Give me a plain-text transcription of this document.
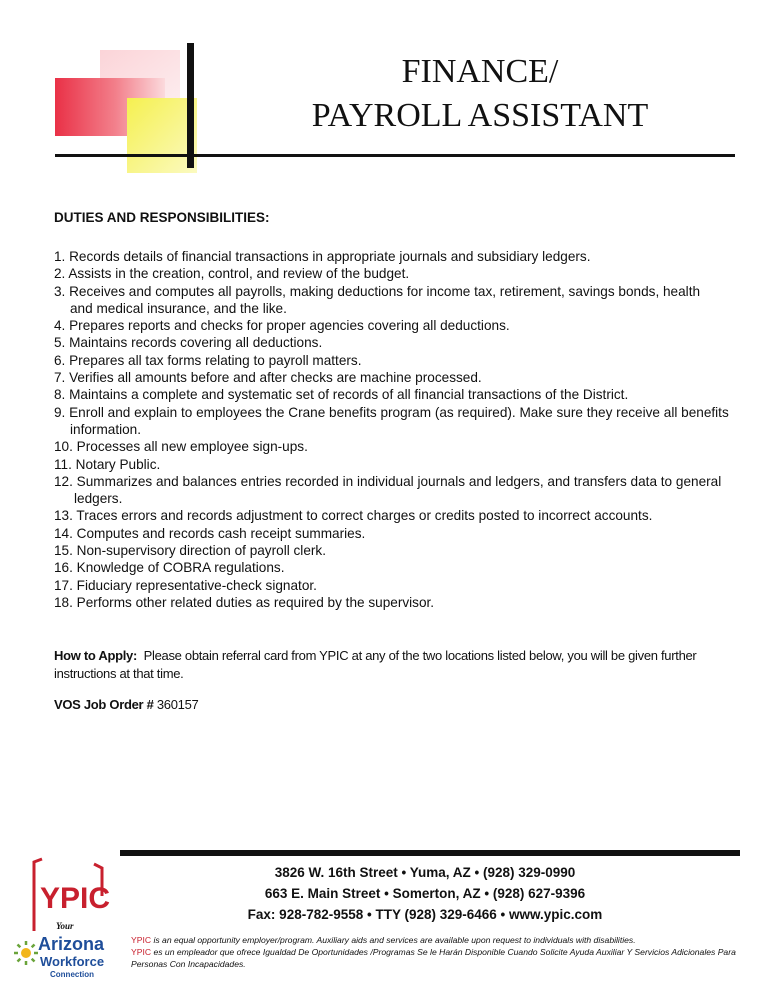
FINANCE/
PAYROLL ASSISTANT
DUTIES AND RESPONSIBILITIES:
1. Records details of financial transactions in appropriate journals and subsidiary ledgers.
2. Assists in the creation, control, and review of the budget.
3. Receives and computes all payrolls, making deductions for income tax, retirement, savings bonds, health
and medical insurance, and the like.
4. Prepares reports and checks for proper agencies covering all deductions.
5. Maintains records covering all deductions.
6. Prepares all tax forms relating to payroll matters.
7. Verifies all amounts before and after checks are machine processed.
8. Maintains a complete and systematic set of records of all financial transactions of the District.
9. Enroll and explain to employees the Crane benefits program (as required). Make sure they receive all benefits information.
10. Processes all new employee sign-ups.
11. Notary Public.
12. Summarizes and balances entries recorded in individual journals and ledgers, and transfers data to general ledgers.
13. Traces errors and records adjustment to correct charges or credits posted to incorrect accounts.
14. Computes and records cash receipt summaries.
15. Non-supervisory direction of payroll clerk.
16. Knowledge of COBRA regulations.
17. Fiduciary representative-check signator.
18. Performs other related duties as required by the supervisor.
How to Apply: Please obtain referral card from YPIC at any of the two locations listed below, you will be given further instructions at that time.
VOS Job Order # 360157
YPIC
Your
Arizona
Workforce
Connection
3826 W. 16th Street • Yuma, AZ • (928) 329-0990
663 E. Main Street • Somerton, AZ • (928) 627-9396
Fax: 928-782-9558 • TTY (928) 329-6466 • www.ypic.com
YPIC is an equal opportunity employer/program. Auxiliary aids and services are available upon request to individuals with disabilities.
YPIC es un empleador que ofrece Igualdad De Oportunidades /Programas Se le Harán Disponible Cuando Solicite Ayuda Auxiliar Y Servicios Adicionales Para Personas Con Incapacidades.
